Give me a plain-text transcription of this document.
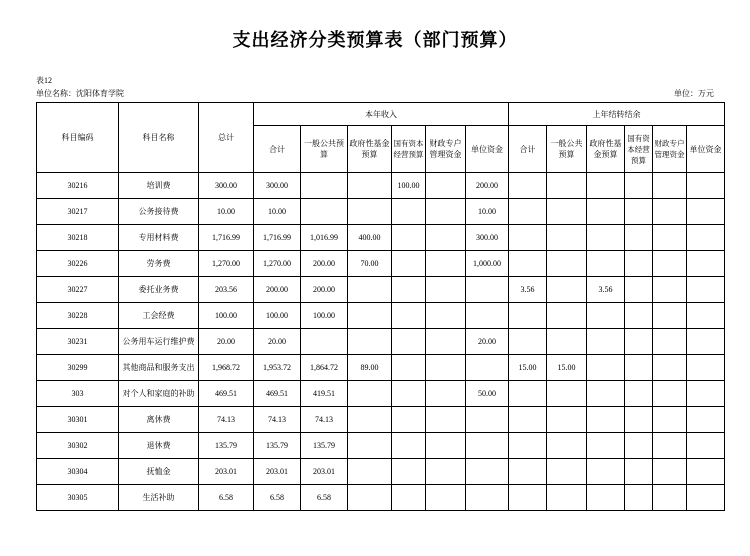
支出经济分类预算表（部门预算）
表12
单位名称：沈阳体育学院	单位：万元
科目编码	科目名称	总计	本年收入						上年结转结余					
			合计	一般公共预算	政府性基金预算	国有资本经营预算	财政专户管理资金	单位资金	合计	一般公共预算	政府性基金预算	国有资本经营预算	财政专户管理资金	单位资金
30216	培训费	300.00	300.00			100.00		200.00						
30217	公务接待费	10.00	10.00					10.00						
30218	专用材料费	1,716.99	1,716.99	1,016.99	400.00			300.00						
30226	劳务费	1,270.00	1,270.00	200.00	70.00			1,000.00						
30227	委托业务费	203.56	200.00	200.00					3.56		3.56			
30228	工会经费	100.00	100.00	100.00										
30231	公务用车运行维护费	20.00	20.00					20.00						
30299	其他商品和服务支出	1,968.72	1,953.72	1,864.72	89.00				15.00	15.00				
303	对个人和家庭的补助	469.51	469.51	419.51				50.00						
30301	离休费	74.13	74.13	74.13										
30302	退休费	135.79	135.79	135.79										
30304	抚恤金	203.01	203.01	203.01										
30305	生活补助	6.58	6.58	6.58										
